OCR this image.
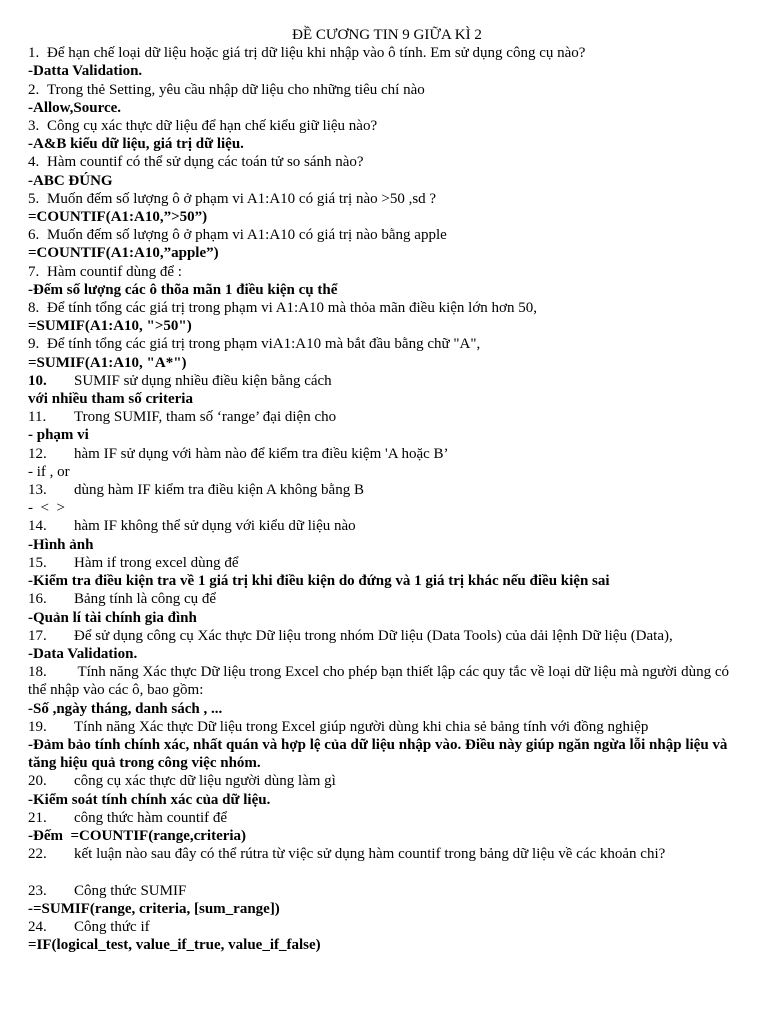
ĐỀ CƯƠNG TIN 9 GIỮA KÌ 2

1. Để hạn chế loại dữ liệu hoặc giá trị dữ liệu khi nhập vào ô tính. Em sử dụng công cụ nào?

-Datta Validation.

2. Trong thẻ Setting, yêu cầu nhập dữ liệu cho những tiêu chí nào

-Allow,Source.

3. Công cụ xác thực dữ liệu để hạn chế kiểu giữ liệu nào?

-A&B kiểu dữ liệu, giá trị dữ liệu.

4. Hàm countif có thể sử dụng các toán tử so sánh nào?

-ABC ĐÚNG

5. Muốn đếm số lượng ô ở phạm vi A1:A10 có giá trị nào >50 ,sd ?

=COUNTIF(A1:A10,”>50”)

6. Muốn đếm số lượng ô ở phạm vi A1:A10 có giá trị nào bằng apple

=COUNTIF(A1:A10,”apple”)

7. Hàm countif dùng để :

-Đếm số lượng các ô thõa mãn 1 điều kiện cụ thể

8. Để tính tổng các giá trị trong phạm vi A1:A10 mà thỏa mãn điều kiện lớn hơn 50,

=SUMIF(A1:A10, ">50")

9. Để tính tổng các giá trị trong phạm viA1:A10 mà bắt đầu bằng chữ "A",

=SUMIF(A1:A10, "A*")

10. SUMIF sử dụng nhiều điều kiện bằng cách

với nhiều tham số criteria

11. Trong SUMIF, tham số ‘range’ đại diện cho

- phạm vi

12. hàm IF sử dụng với hàm nào để kiểm tra điều kiệm 'A hoặc B’

- if , or

13. dùng hàm IF kiểm tra điều kiện A không bằng B

-  <  >

14. hàm IF không thể sử dụng với kiểu dữ liệu nào

-Hình ảnh

15. Hàm if trong excel dùng để

-Kiểm tra điều kiện tra về 1 giá trị khi điều kiện do đứng và 1 giá trị khác nếu điều kiện sai

16. Bảng tính là công cụ để

-Quản lí tài chính gia đình

17. Để sử dụng công cụ Xác thực Dữ liệu trong nhóm Dữ liệu (Data Tools) của dải lệnh Dữ liệu (Data),

-Data Validation.

18. Tính năng Xác thực Dữ liệu trong Excel cho phép bạn thiết lập các quy tắc về loại dữ liệu mà người dùng có thể nhập vào các ô, bao gồm:

-Số ,ngày tháng, danh sách , ...

19. Tính năng Xác thực Dữ liệu trong Excel giúp người dùng khi chia sẻ bảng tính với đồng nghiệp

-Đảm bảo tính chính xác, nhất quán và hợp lệ của dữ liệu nhập vào. Điều này giúp ngăn ngừa lỗi nhập liệu và tăng hiệu quả trong công việc nhóm.

20. công cụ xác thực dữ liệu người dùng làm gì

-Kiểm soát tính chính xác của dữ liệu.

21. công thức hàm countif để

-Đếm  =COUNTIF(range,criteria)

22. kết luận nào sau đây có thể rútra từ việc sử dụng hàm countif trong bảng dữ liệu về các khoản chi?

23. Công thức SUMIF

-=SUMIF(range, criteria, [sum_range])

24. Công thức if

=IF(logical_test, value_if_true, value_if_false)
